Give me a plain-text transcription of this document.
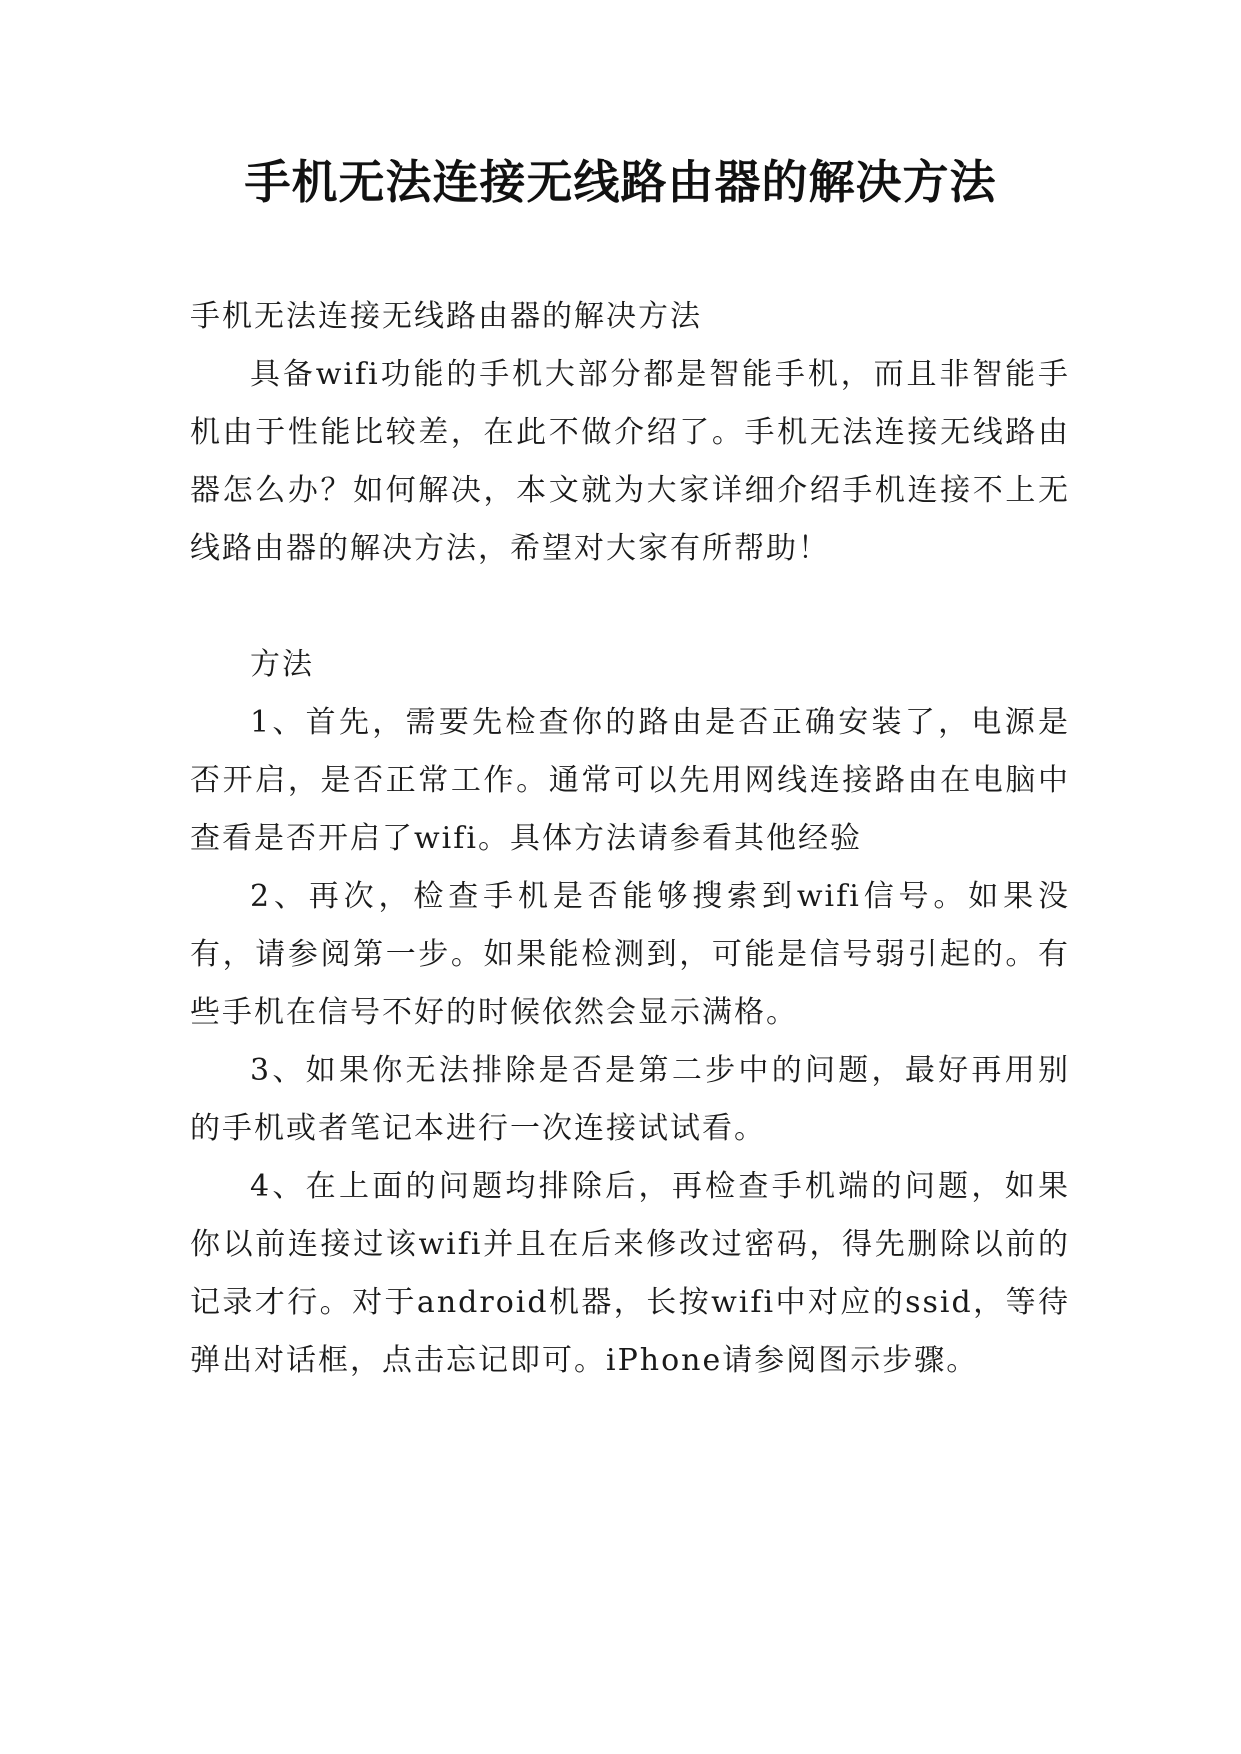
手机无法连接无线路由器的解决方法

手机无法连接无线路由器的解决方法

具备wifi功能的手机大部分都是智能手机，而且非智能手机由于性能比较差，在此不做介绍了。手机无法连接无线路由器怎么办？如何解决，本文就为大家详细介绍手机连接不上无线路由器的解决方法，希望对大家有所帮助！

方法

1、首先，需要先检查你的路由是否正确安装了，电源是否开启，是否正常工作。通常可以先用网线连接路由在电脑中查看是否开启了wifi。具体方法请参看其他经验

2、再次，检查手机是否能够搜索到wifi信号。如果没有，请参阅第一步。如果能检测到，可能是信号弱引起的。有些手机在信号不好的时候依然会显示满格。

3、如果你无法排除是否是第二步中的问题，最好再用别的手机或者笔记本进行一次连接试试看。

4、在上面的问题均排除后，再检查手机端的问题，如果你以前连接过该wifi并且在后来修改过密码，得先删除以前的记录才行。对于android机器，长按wifi中对应的ssid，等待弹出对话框，点击忘记即可。iPhone请参阅图示步骤。
